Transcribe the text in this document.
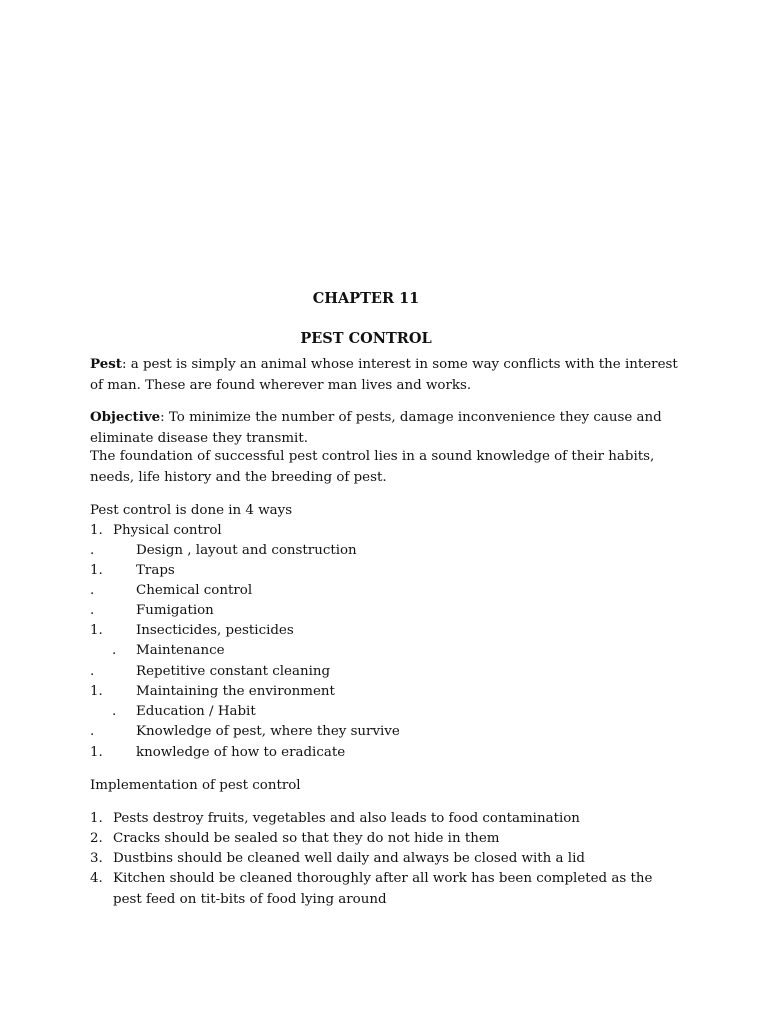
CHAPTER 11
PEST CONTROL

Pest: a pest is simply an animal whose interest in some way conflicts with the interest of man. These are found wherever man lives and works.

Objective: To minimize the number of pests, damage inconvenience they cause and eliminate disease they transmit.

The foundation of successful pest control lies in a sound knowledge of their habits, needs, life history and the breeding of pest.

Pest control is done in 4 ways
1. Physical control
.	Design , layout and construction
1. Traps
.	Chemical control
.	Fumigation
1. Insecticides, pesticides
. Maintenance
.	Repetitive constant cleaning
1. Maintaining the environment
. Education / Habit
.	Knowledge of pest, where they survive
1. knowledge of how to eradicate
Implementation of pest control
1. Pests destroy fruits, vegetables and also leads to food contamination
2. Cracks should be sealed so that they do not hide in them
3. Dustbins should be cleaned well daily and always be closed with a lid
4. Kitchen should be cleaned thoroughly after all work has been completed as the pest feed on tit-bits of food lying around
